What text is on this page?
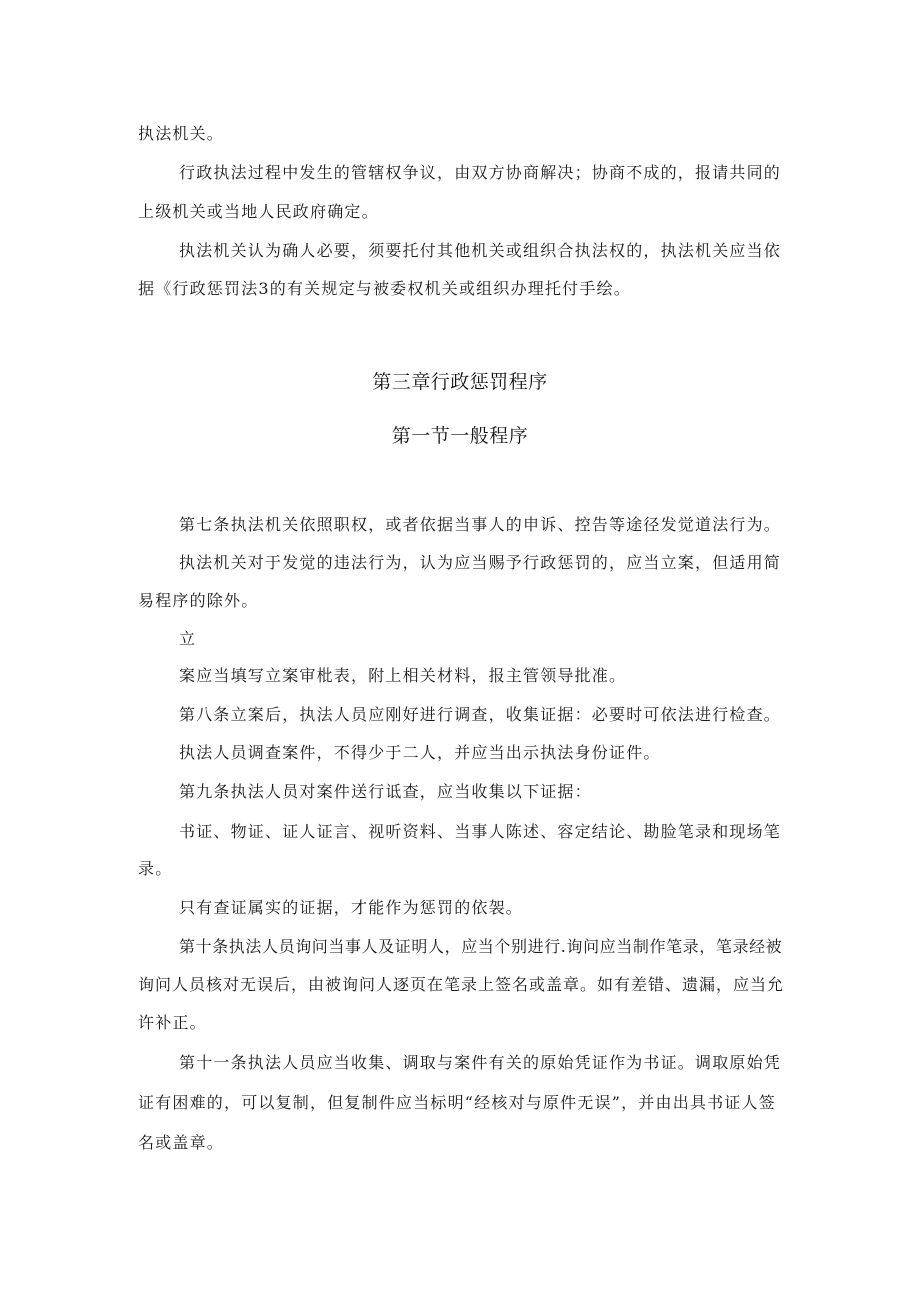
执法机关。
行政执法过程中发生的管辖权争议，由双方协商解决；协商不成的，报请共同的
上级机关或当地人民政府确定。
执法机关认为确人必要，须要托付其他机关或组织合执法权的，执法机关应当依
据《行政惩罚法3的有关规定与被委权机关或组织办理托付手绘。
第三章行政惩罚程序
第一节一般程序
第七条执法机关依照职权，或者依据当事人的申诉、控告等途径发觉道法行为。
执法机关对于发觉的违法行为，认为应当赐予行政惩罚的，应当立案，但适用简
易程序的除外。
立
案应当填写立案审枇表，附上相关材料，报主管领导批准。
第八条立案后，执法人员应刚好进行调查，收集证据：必要时可依法进行检查。
执法人员调查案件，不得少于二人，并应当出示执法身份证件。
第九条执法人员对案件送行诋查，应当收集以下证据：
书证、物证、证人证言、视听资料、当事人陈述、容定结论、勘脸笔录和现场笔
录。
只有查证属实的证据，才能作为惩罚的依袈。
第十条执法人员询问当事人及证明人，应当个别进行.询问应当制作笔录，笔录经被
询问人员核对无误后，由被询问人逐页在笔录上签名或盖章。如有差错、遗漏，应当允
许补正。
第十一条执法人员应当收集、调取与案件有关的原始凭证作为书证。调取原始凭
证有困难的，可以复制，但复制件应当标明“经核对与原件无误”，并由出具书证人签
名或盖章。
